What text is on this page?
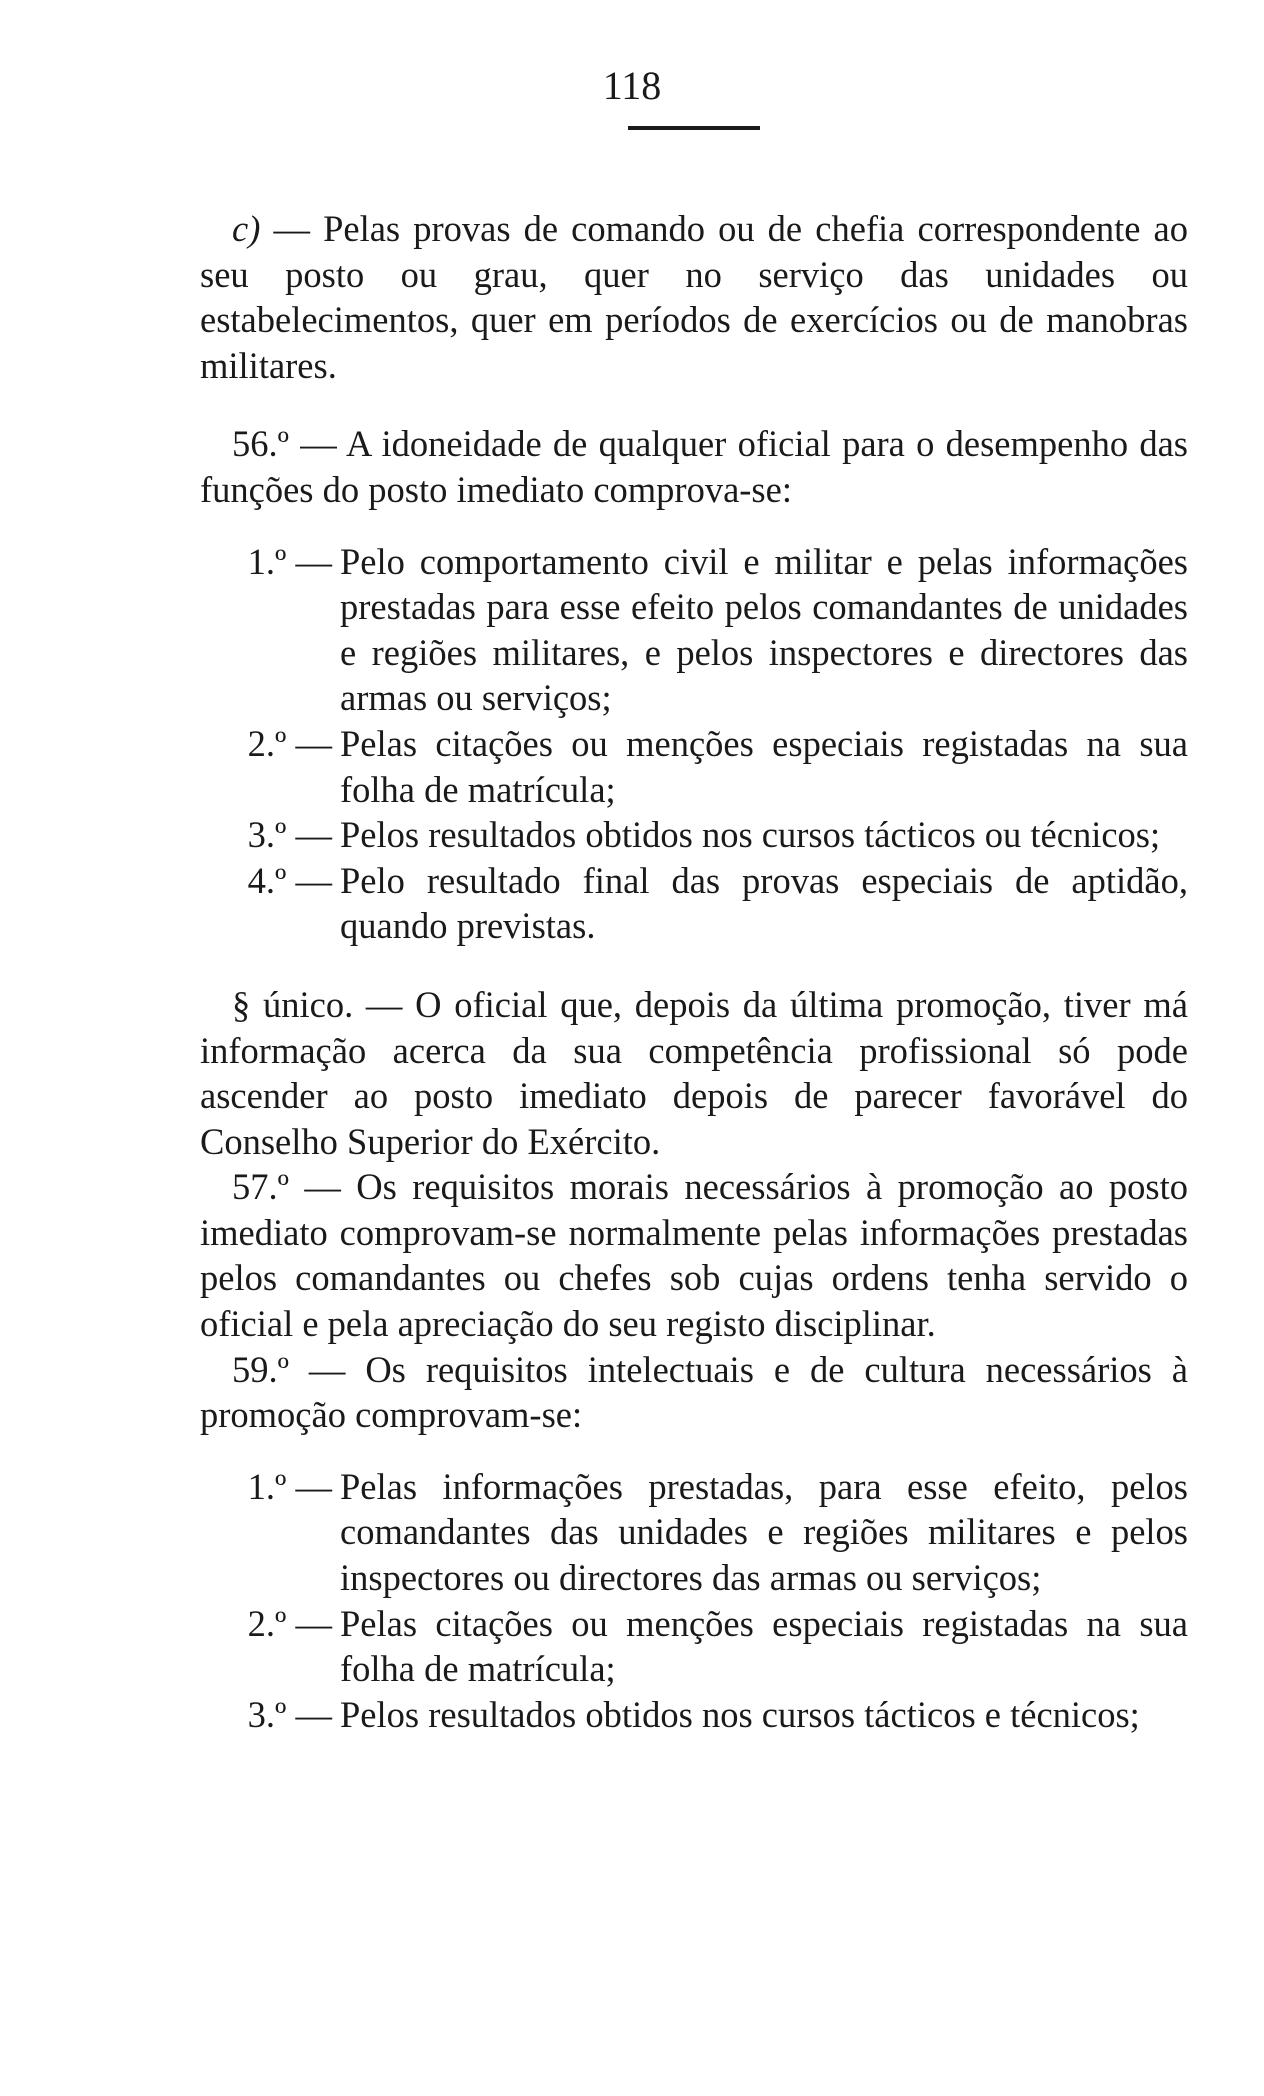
118

c) — Pelas provas de comando ou de chefia correspondente ao seu posto ou grau, quer no serviço das unidades ou estabelecimentos, quer em períodos de exercícios ou de manobras militares.

56.º — A idoneidade de qualquer oficial para o desempenho das funções do posto imediato comprova-se:

1.º — Pelo comportamento civil e militar e pelas informações prestadas para esse efeito pelos comandantes de unidades e regiões militares, e pelos inspectores e directores das armas ou serviços;
2.º — Pelas citações ou menções especiais registadas na sua folha de matrícula;
3.º — Pelos resultados obtidos nos cursos tácticos ou técnicos;
4.º — Pelo resultado final das provas especiais de aptidão, quando previstas.

§ único. — O oficial que, depois da última promoção, tiver má informação acerca da sua competência profissional só pode ascender ao posto imediato depois de parecer favorável do Conselho Superior do Exército.

57.º — Os requisitos morais necessários à promoção ao posto imediato comprovam-se normalmente pelas informações prestadas pelos comandantes ou chefes sob cujas ordens tenha servido o oficial e pela apreciação do seu registo disciplinar.

59.º — Os requisitos intelectuais e de cultura necessários à promoção comprovam-se:

1.º — Pelas informações prestadas, para esse efeito, pelos comandantes das unidades e regiões militares e pelos inspectores ou directores das armas ou serviços;
2.º — Pelas citações ou menções especiais registadas na sua folha de matrícula;
3.º — Pelos resultados obtidos nos cursos tácticos e técnicos;
